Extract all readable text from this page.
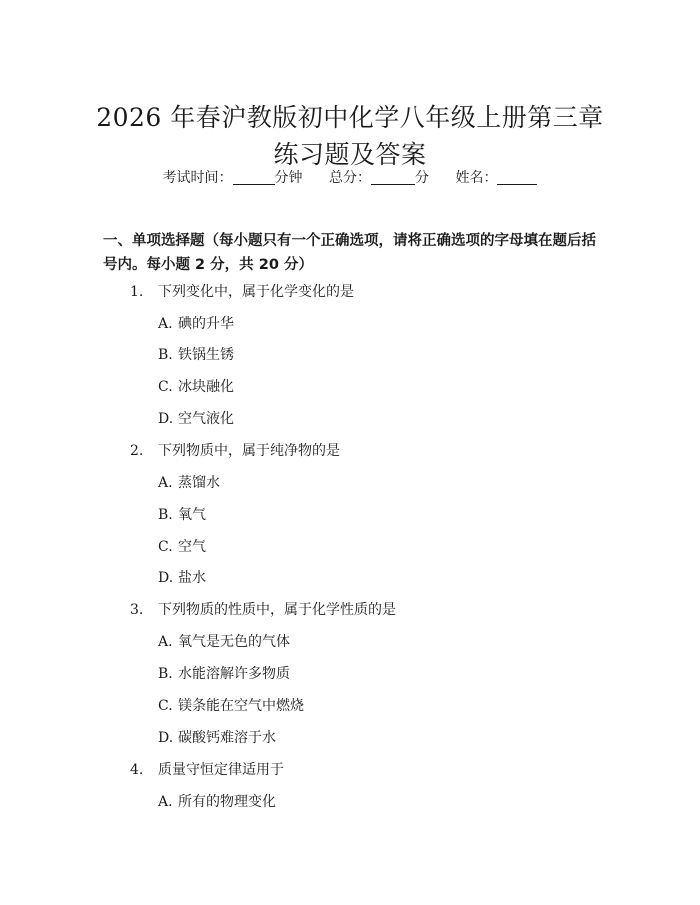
2026 年春沪教版初中化学八年级上册第三章
练习题及答案
考试时间：	分钟 总分：	分 姓名：
一、单项选择题（每小题只有一个正确选项，请将正确选项的字母填在题后括号内。每小题 2 分，共 20 分）
1. 下列变化中，属于化学变化的是
A. 碘的升华
B. 铁锅生锈
C. 冰块融化
D. 空气液化
2. 下列物质中，属于纯净物的是
A. 蒸馏水
B. 氧气
C. 空气
D. 盐水
3. 下列物质的性质中，属于化学性质的是
A. 氧气是无色的气体
B. 水能溶解许多物质
C. 镁条能在空气中燃烧
D. 碳酸钙难溶于水
4. 质量守恒定律适用于
A. 所有的物理变化
